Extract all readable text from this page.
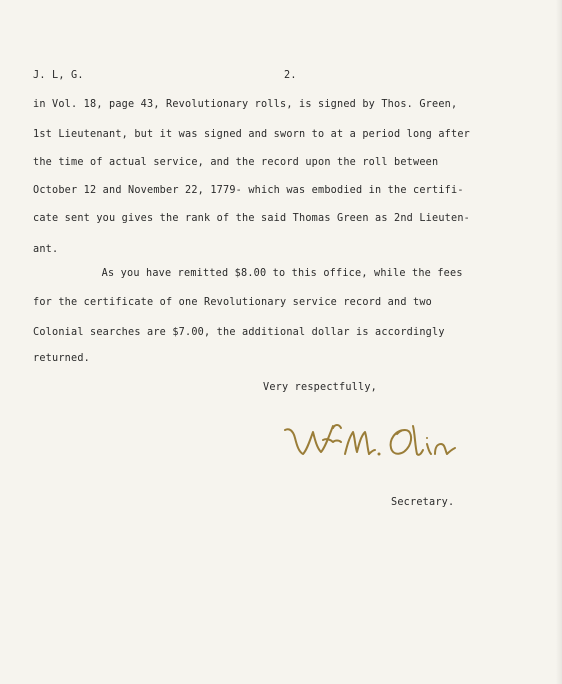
J. L, G.	2.
in Vol. 18, page 43, Revolutionary rolls, is signed by Thos. Green,
1st Lieutenant, but it was signed and sworn to at a period long after
the time of actual service, and the record upon the roll between
October 12 and November 22, 1779- which was embodied in the certifi-
cate sent you gives the rank of the said Thomas Green as 2nd Lieuten-
ant.
As you have remitted $8.00 to this office, while the fees
for the certificate of one Revolutionary service record and two
Colonial searches are $7.00, the additional dollar is accordingly
returned.
Very respectfully,
Secretary.
